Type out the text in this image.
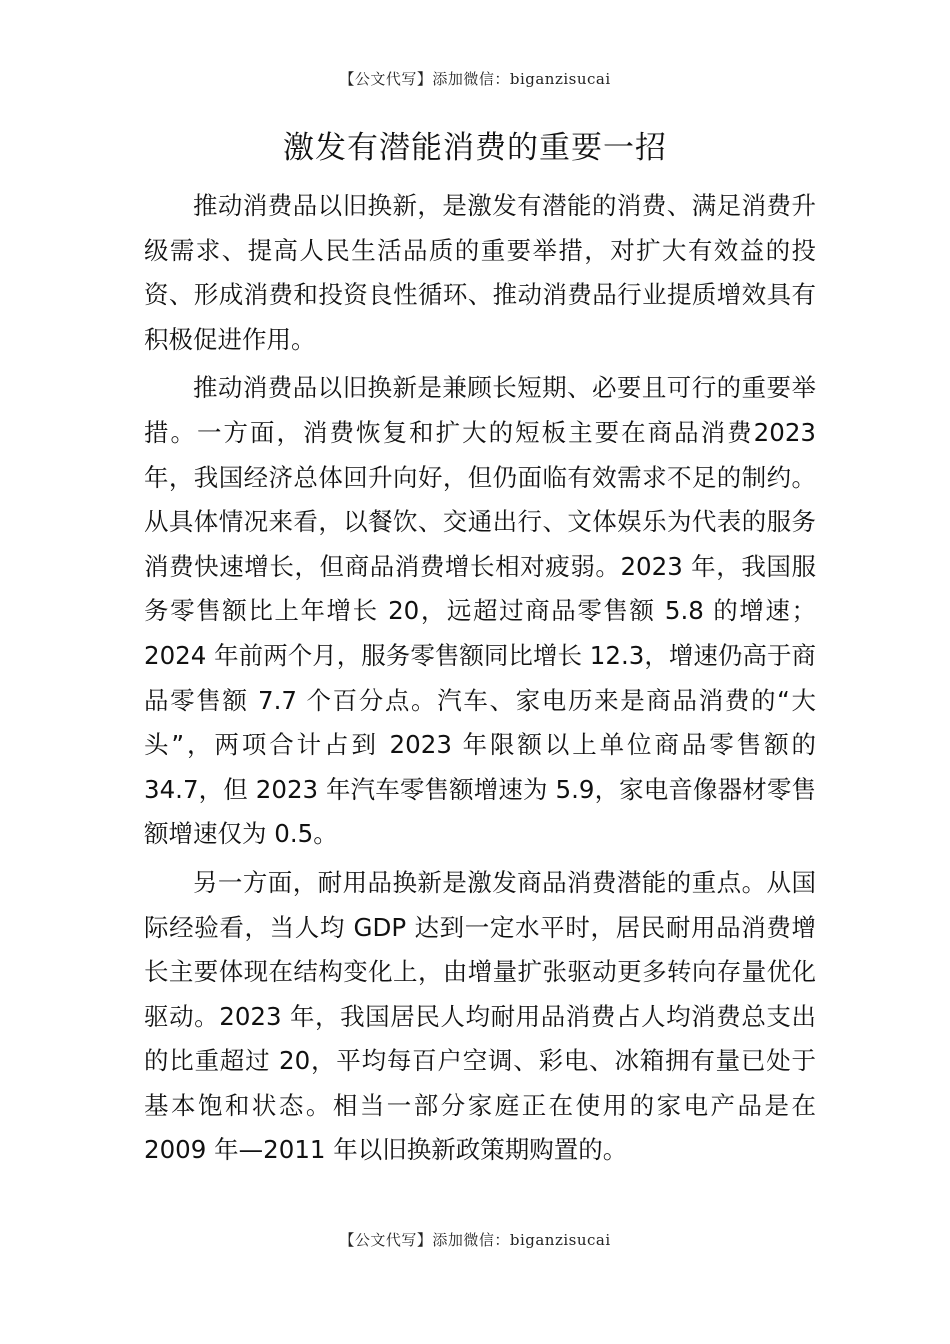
【公文代写】添加微信：biganzisucai
激发有潜能消费的重要一招

推动消费品以旧换新，是激发有潜能的消费、满足消费升级需求、提高人民生活品质的重要举措，对扩大有效益的投资、形成消费和投资良性循环、推动消费品行业提质增效具有积极促进作用。

推动消费品以旧换新是兼顾长短期、必要且可行的重要举措。一方面，消费恢复和扩大的短板主要在商品消费2023 年，我国经济总体回升向好，但仍面临有效需求不足的制约。从具体情况来看，以餐饮、交通出行、文体娱乐为代表的服务消费快速增长，但商品消费增长相对疲弱。2023 年，我国服务零售额比上年增长 20，远超过商品零售额 5.8 的增速；2024 年前两个月，服务零售额同比增长 12.3，增速仍高于商品零售额 7.7 个百分点。汽车、家电历来是商品消费的“大头”，两项合计占到 2023 年限额以上单位商品零售额的 34.7，但 2023 年汽车零售额增速为 5.9，家电音像器材零售额增速仅为 0.5。

另一方面，耐用品换新是激发商品消费潜能的重点。从国际经验看，当人均 GDP 达到一定水平时，居民耐用品消费增长主要体现在结构变化上，由增量扩张驱动更多转向存量优化驱动。2023 年，我国居民人均耐用品消费占人均消费总支出的比重超过 20，平均每百户空调、彩电、冰箱拥有量已处于基本饱和状态。相当一部分家庭正在使用的家电产品是在 2009 年—2011 年以旧换新政策期购置的。

【公文代写】添加微信：biganzisucai
